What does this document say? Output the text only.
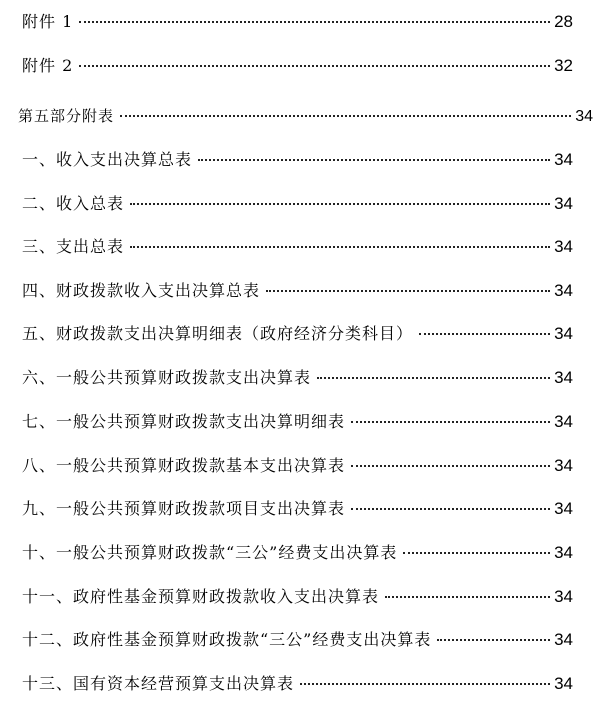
附件 1	28
附件 2	32
第五部分附表	34
一、收入支出决算总表	34
二、收入总表	34
三、支出总表	34
四、财政拨款收入支出决算总表	34
五、财政拨款支出决算明细表（政府经济分类科目）	34
六、一般公共预算财政拨款支出决算表	34
七、一般公共预算财政拨款支出决算明细表	34
八、一般公共预算财政拨款基本支出决算表	34
九、一般公共预算财政拨款项目支出决算表	34
十、一般公共预算财政拨款“三公”经费支出决算表	34
十一、政府性基金预算财政拨款收入支出决算表	34
十二、政府性基金预算财政拨款“三公”经费支出决算表	34
十三、国有资本经营预算支出决算表	34
